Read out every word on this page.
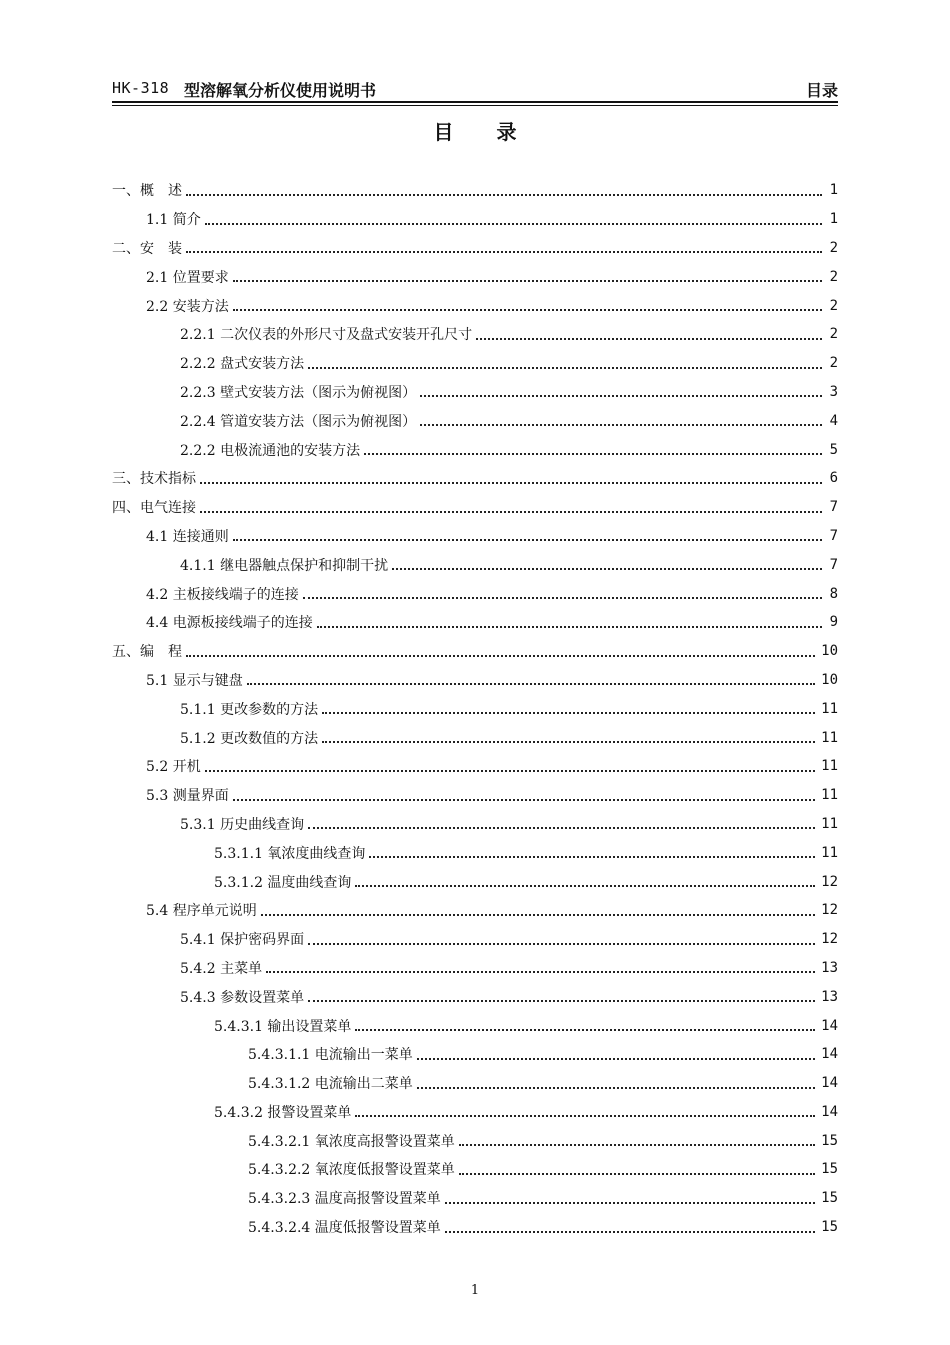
HK-318 型溶解氧分析仪使用说明书	目录
目 录
一、概　述	1
1.1 简介	1
二、安　装	2
2.1 位置要求	2
2.2 安装方法	2
2.2.1 二次仪表的外形尺寸及盘式安装开孔尺寸	2
2.2.2 盘式安装方法	2
2.2.3 壁式安装方法（图示为俯视图）	3
2.2.4 管道安装方法（图示为俯视图）	4
2.2.2 电极流通池的安装方法	5
三、技术指标	6
四、电气连接	7
4.1 连接通则	7
4.1.1 继电器触点保护和抑制干扰	7
4.2 主板接线端子的连接	8
4.4 电源板接线端子的连接	9
五、编　程	10
5.1 显示与键盘	10
5.1.1 更改参数的方法	11
5.1.2 更改数值的方法	11
5.2 开机	11
5.3 测量界面	11
5.3.1 历史曲线查询	11
5.3.1.1 氧浓度曲线查询	11
5.3.1.2 温度曲线查询	12
5.4 程序单元说明	12
5.4.1 保护密码界面	12
5.4.2 主菜单	13
5.4.3 参数设置菜单	13
5.4.3.1 输出设置菜单	14
5.4.3.1.1 电流输出一菜单	14
5.4.3.1.2 电流输出二菜单	14
5.4.3.2 报警设置菜单	14
5.4.3.2.1 氧浓度高报警设置菜单	15
5.4.3.2.2 氧浓度低报警设置菜单	15
5.4.3.2.3 温度高报警设置菜单	15
5.4.3.2.4 温度低报警设置菜单	15
1
